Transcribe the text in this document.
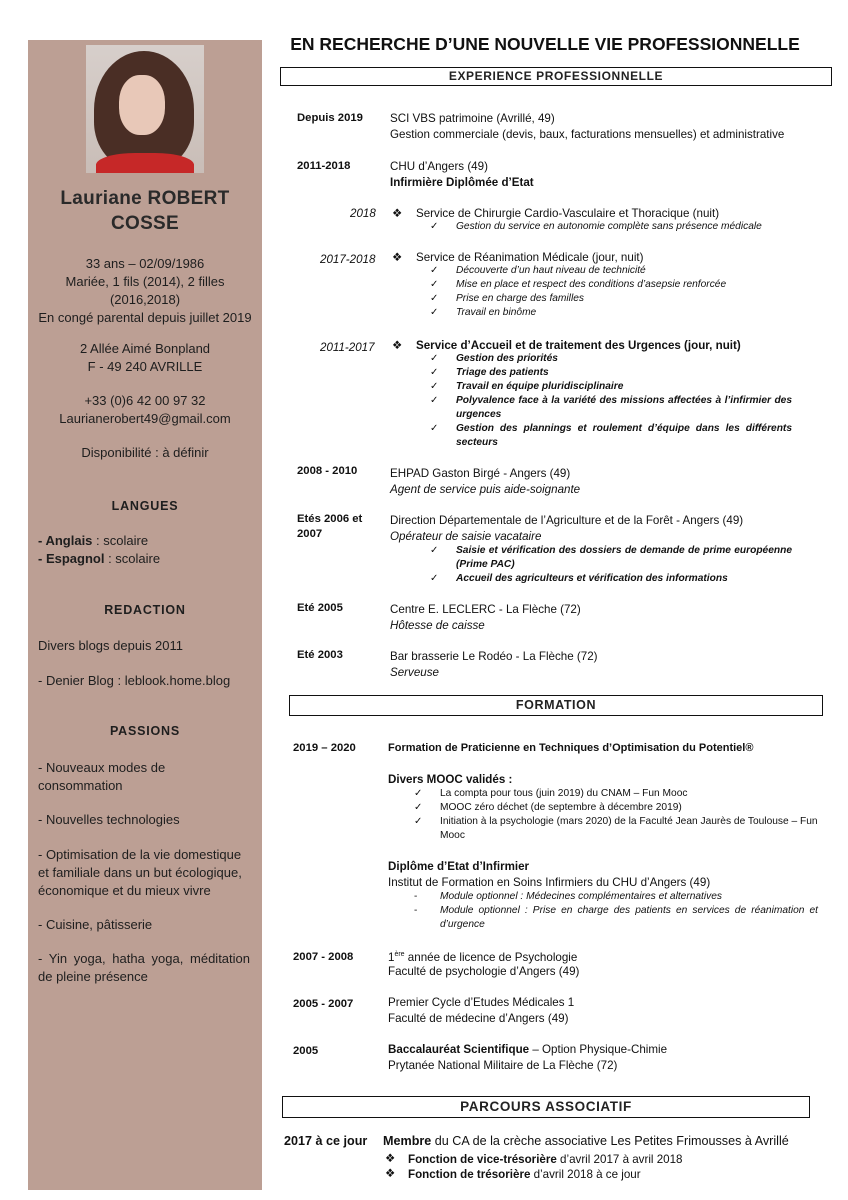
Lauriane ROBERT
COSSE
33 ans – 02/09/1986
Mariée, 1 fils (2014), 2 filles
(2016,2018)
En congé parental depuis juillet 2019
2 Allée Aimé Bonpland
F - 49 240 AVRILLE
+33 (0)6 42 00 97 32
Laurianerobert49@gmail.com
Disponibilité : à définir
LANGUES
- Anglais : scolaire
- Espagnol : scolaire
REDACTION
Divers blogs depuis 2011
- Denier Blog : leblook.home.blog
PASSIONS
- Nouveaux modes de consommation
- Nouvelles technologies
- Optimisation de la vie domestique et familiale dans un but écologique, économique et du mieux vivre
- Cuisine, pâtisserie
- Yin yoga, hatha yoga, méditation de pleine présence
EN RECHERCHE D’UNE NOUVELLE VIE PROFESSIONNELLE
EXPERIENCE PROFESSIONNELLE
Depuis 2019 SCI VBS patrimoine (Avrillé, 49)
Gestion commerciale (devis, baux, facturations mensuelles) et administrative
2011-2018	CHU d’Angers (49)
Infirmière Diplômée d’Etat
2018 ❖ Service de Chirurgie Cardio-Vasculaire et Thoracique (nuit)
✓ Gestion du service en autonomie complète sans présence médicale
2017-2018 ❖ Service de Réanimation Médicale (jour, nuit)
✓ Découverte d’un haut niveau de technicité
✓ Mise en place et respect des conditions d’asepsie renforcée
✓ Prise en charge des familles
✓ Travail en binôme
2011-2017 ❖ Service d’Accueil et de traitement des Urgences (jour, nuit)
✓ Gestion des priorités
✓ Triage des patients
✓ Travail en équipe pluridisciplinaire
✓ Polyvalence face à la variété des missions affectées à l’infirmier des urgences
✓ Gestion des plannings et roulement d’équipe dans les différents secteurs
2008 - 2010	EHPAD Gaston Birgé - Angers (49)
Agent de service puis aide-soignante
Etés 2006 et
2007
Direction Départementale de l’Agriculture et de la Forêt - Angers (49)
Opérateur de saisie vacataire
✓ Saisie et vérification des dossiers de demande de prime européenne (Prime PAC)
✓ Accueil des agriculteurs et vérification des informations
Eté 2005	Centre E. LECLERC - La Flèche (72)
Hôtesse de caisse
Eté 2003	Bar brasserie Le Rodéo - La Flèche (72)
Serveuse
FORMATION
2019 – 2020	Formation de Praticienne en Techniques d’Optimisation du Potentiel®
Divers MOOC validés :
✓ La compta pour tous (juin 2019) du CNAM – Fun Mooc
✓ MOOC zéro déchet (de septembre à décembre 2019)
✓ Initiation à la psychologie (mars 2020) de la Faculté Jean Jaurès de Toulouse – Fun Mooc
Diplôme d’Etat d’Infirmier
Institut de Formation en Soins Infirmiers du CHU d’Angers (49)
- Module optionnel : Médecines complémentaires et alternatives
- Module optionnel : Prise en charge des patients en services de réanimation et d’urgence
2007 - 2008	1ère année de licence de Psychologie
Faculté de psychologie d’Angers (49)
2005 - 2007	Premier Cycle d’Etudes Médicales 1
Faculté de médecine d’Angers (49)
2005	Baccalauréat Scientifique – Option Physique-Chimie
Prytanée National Militaire de La Flèche (72)
PARCOURS ASSOCIATIF
2017 à ce jour Membre du CA de la crèche associative Les Petites Frimousses à Avrillé
❖ Fonction de vice-trésorière d’avril 2017 à avril 2018
❖ Fonction de trésorière d’avril 2018 à ce jour
